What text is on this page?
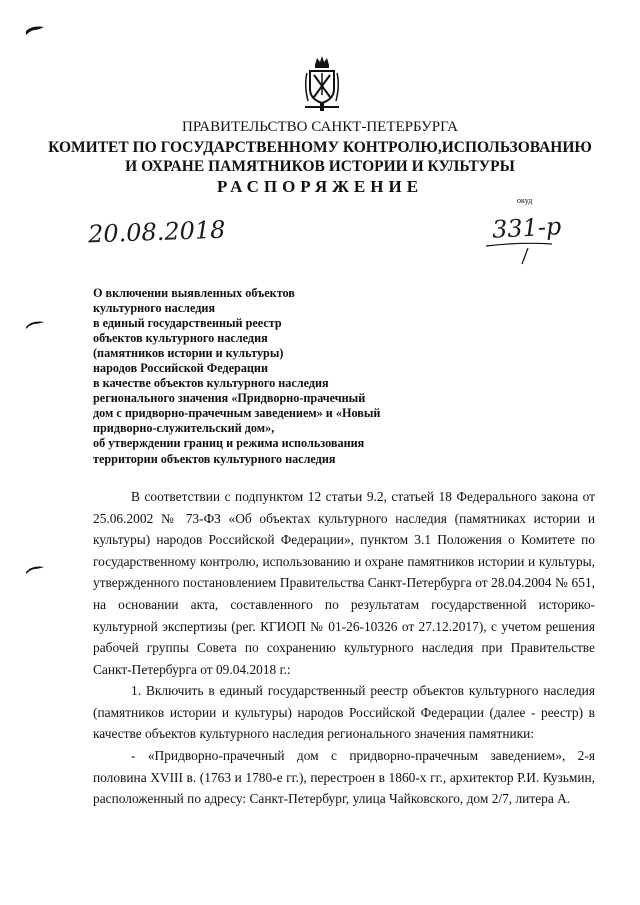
ПРАВИТЕЛЬСТВО САНКТ-ПЕТЕРБУРГА
КОМИТЕТ ПО ГОСУДАРСТВЕННОМУ КОНТРОЛЮ,ИСПОЛЬЗОВАНИЮ
И ОХРАНЕ ПАМЯТНИКОВ ИСТОРИИ И КУЛЬТУРЫ
РАСПОРЯЖЕНИЕ
окуд
20.08.2018	331-р
О включении выявленных объектов
культурного наследия
в единый государственный реестр
объектов культурного наследия
(памятников истории и культуры)
народов Российской Федерации
в качестве объектов культурного наследия
регионального значения «Придворно-прачечный
дом с придворно-прачечным заведением» и «Новый
придворно-служительский дом»,
об утверждении границ и режима использования
территории объектов культурного наследия
В соответствии с подпунктом 12 статьи 9.2, статьей 18 Федерального закона от 25.06.2002 № 73-ФЗ «Об объектах культурного наследия (памятниках истории и культуры) народов Российской Федерации», пунктом 3.1 Положения о Комитете по государственному контролю, использованию и охране памятников истории и культуры, утвержденного постановлением Правительства Санкт-Петербурга от 28.04.2004 № 651, на основании акта, составленного по результатам государственной историко-культурной экспертизы (рег. КГИОП № 01-26-10326 от 27.12.2017), с учетом решения рабочей группы Совета по сохранению культурного наследия при Правительстве Санкт-Петербурга от 09.04.2018 г.:
1. Включить в единый государственный реестр объектов культурного наследия (памятников истории и культуры) народов Российской Федерации (далее - реестр) в качестве объектов культурного наследия регионального значения памятники:
- «Придворно-прачечный дом с придворно-прачечным заведением», 2-я половина XVIII в. (1763 и 1780-е гг.), перестроен в 1860-х гг., архитектор Р.И. Кузьмин, расположенный по адресу: Санкт-Петербург, улица Чайковского, дом 2/7, литера А.
